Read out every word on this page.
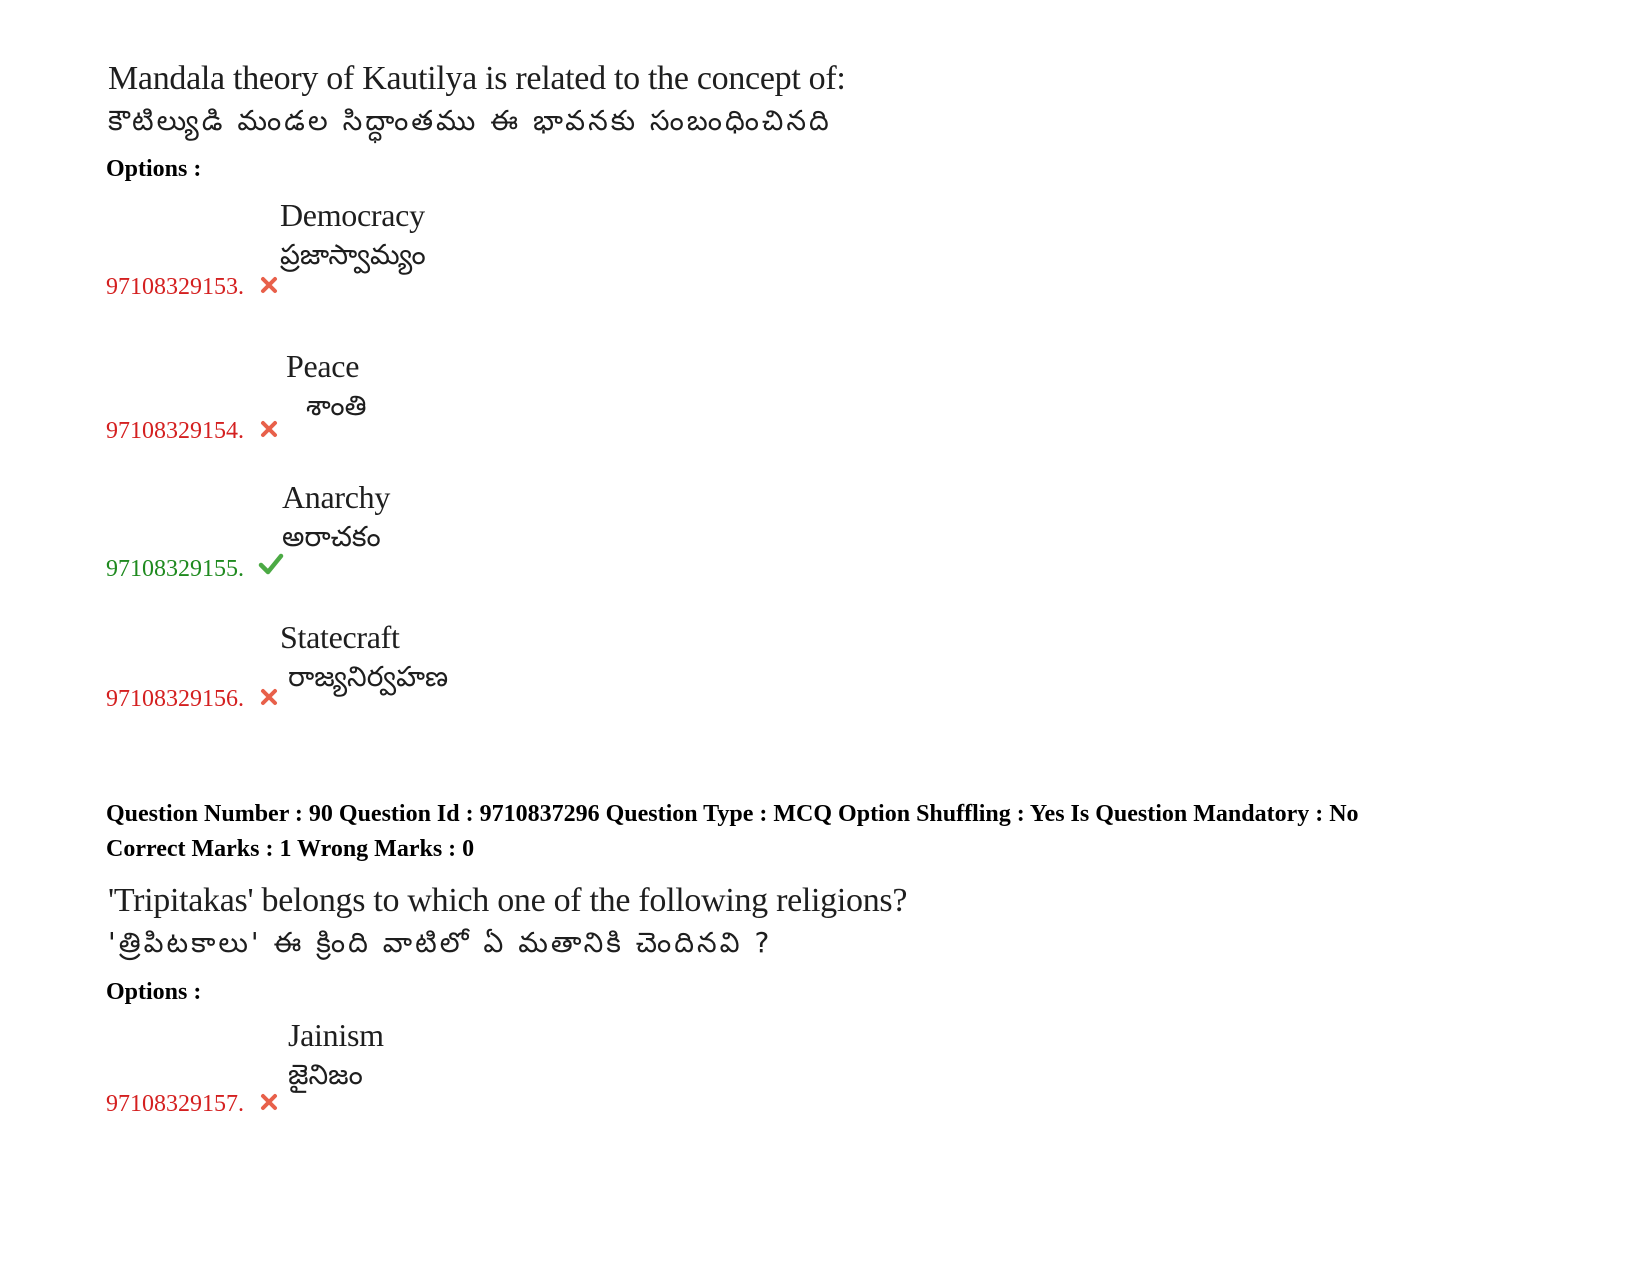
Mandala theory of Kautilya is related to the concept of:
కౌటిల్యుడి మండల సిద్ధాంతము ఈ భావనకు సంబంధించినది
Options :
Democracy
ప్రజాస్వామ్యం
97108329153.
Peace
శాంతి
97108329154.
Anarchy
అరాచకం
97108329155.
Statecraft
రాజ్యనిర్వహణ
97108329156.
Question Number : 90 Question Id : 9710837296 Question Type : MCQ Option Shuffling : Yes Is Question Mandatory : No
Correct Marks : 1 Wrong Marks : 0
'Tripitakas' belongs to which one of the following religions?
'త్రిపిటకాలు' ఈ క్రింది వాటిలో ఏ మతానికి చెందినవి ?
Options :
Jainism
జైనిజం
97108329157.
